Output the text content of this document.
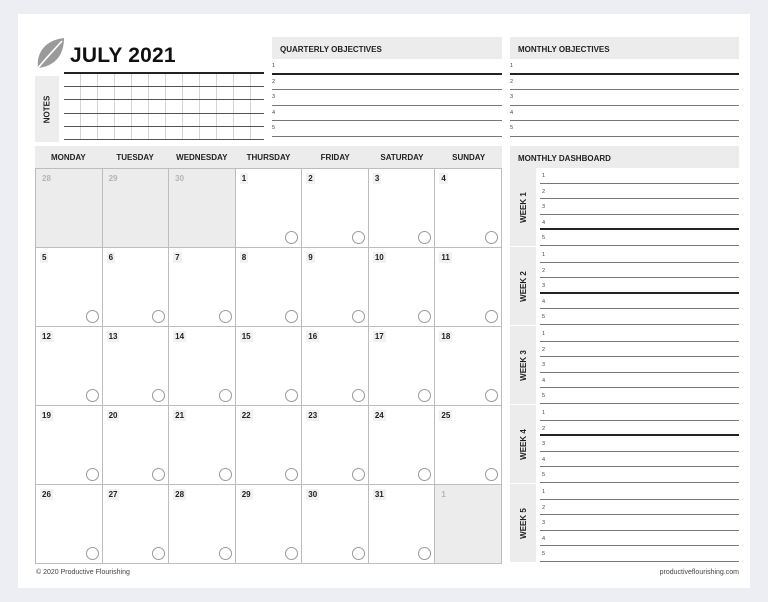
JULY 2021
NOTES
QUARTERLY OBJECTIVES
1
2
3
4
5
MONTHLY OBJECTIVES
1
2
3
4
5
MONDAY	TUESDAY	WEDNESDAY	THURSDAY	FRIDAY	SATURDAY	SUNDAY
28	29	30	1	2	3	4
5	6	7	8	9	10	11
12	13	14	15	16	17	18
19	20	21	22	23	24	25
26	27	28	29	30	31	1
MONTHLY DASHBOARD
WEEK 1
1
2
3
4
5
WEEK 2
1
2
3
4
5
WEEK 3
1
2
3
4
5
WEEK 4
1
2
3
4
5
WEEK 5
1
2
3
4
5
© 2020 Productive Flourishing	productiveflourishing.com
